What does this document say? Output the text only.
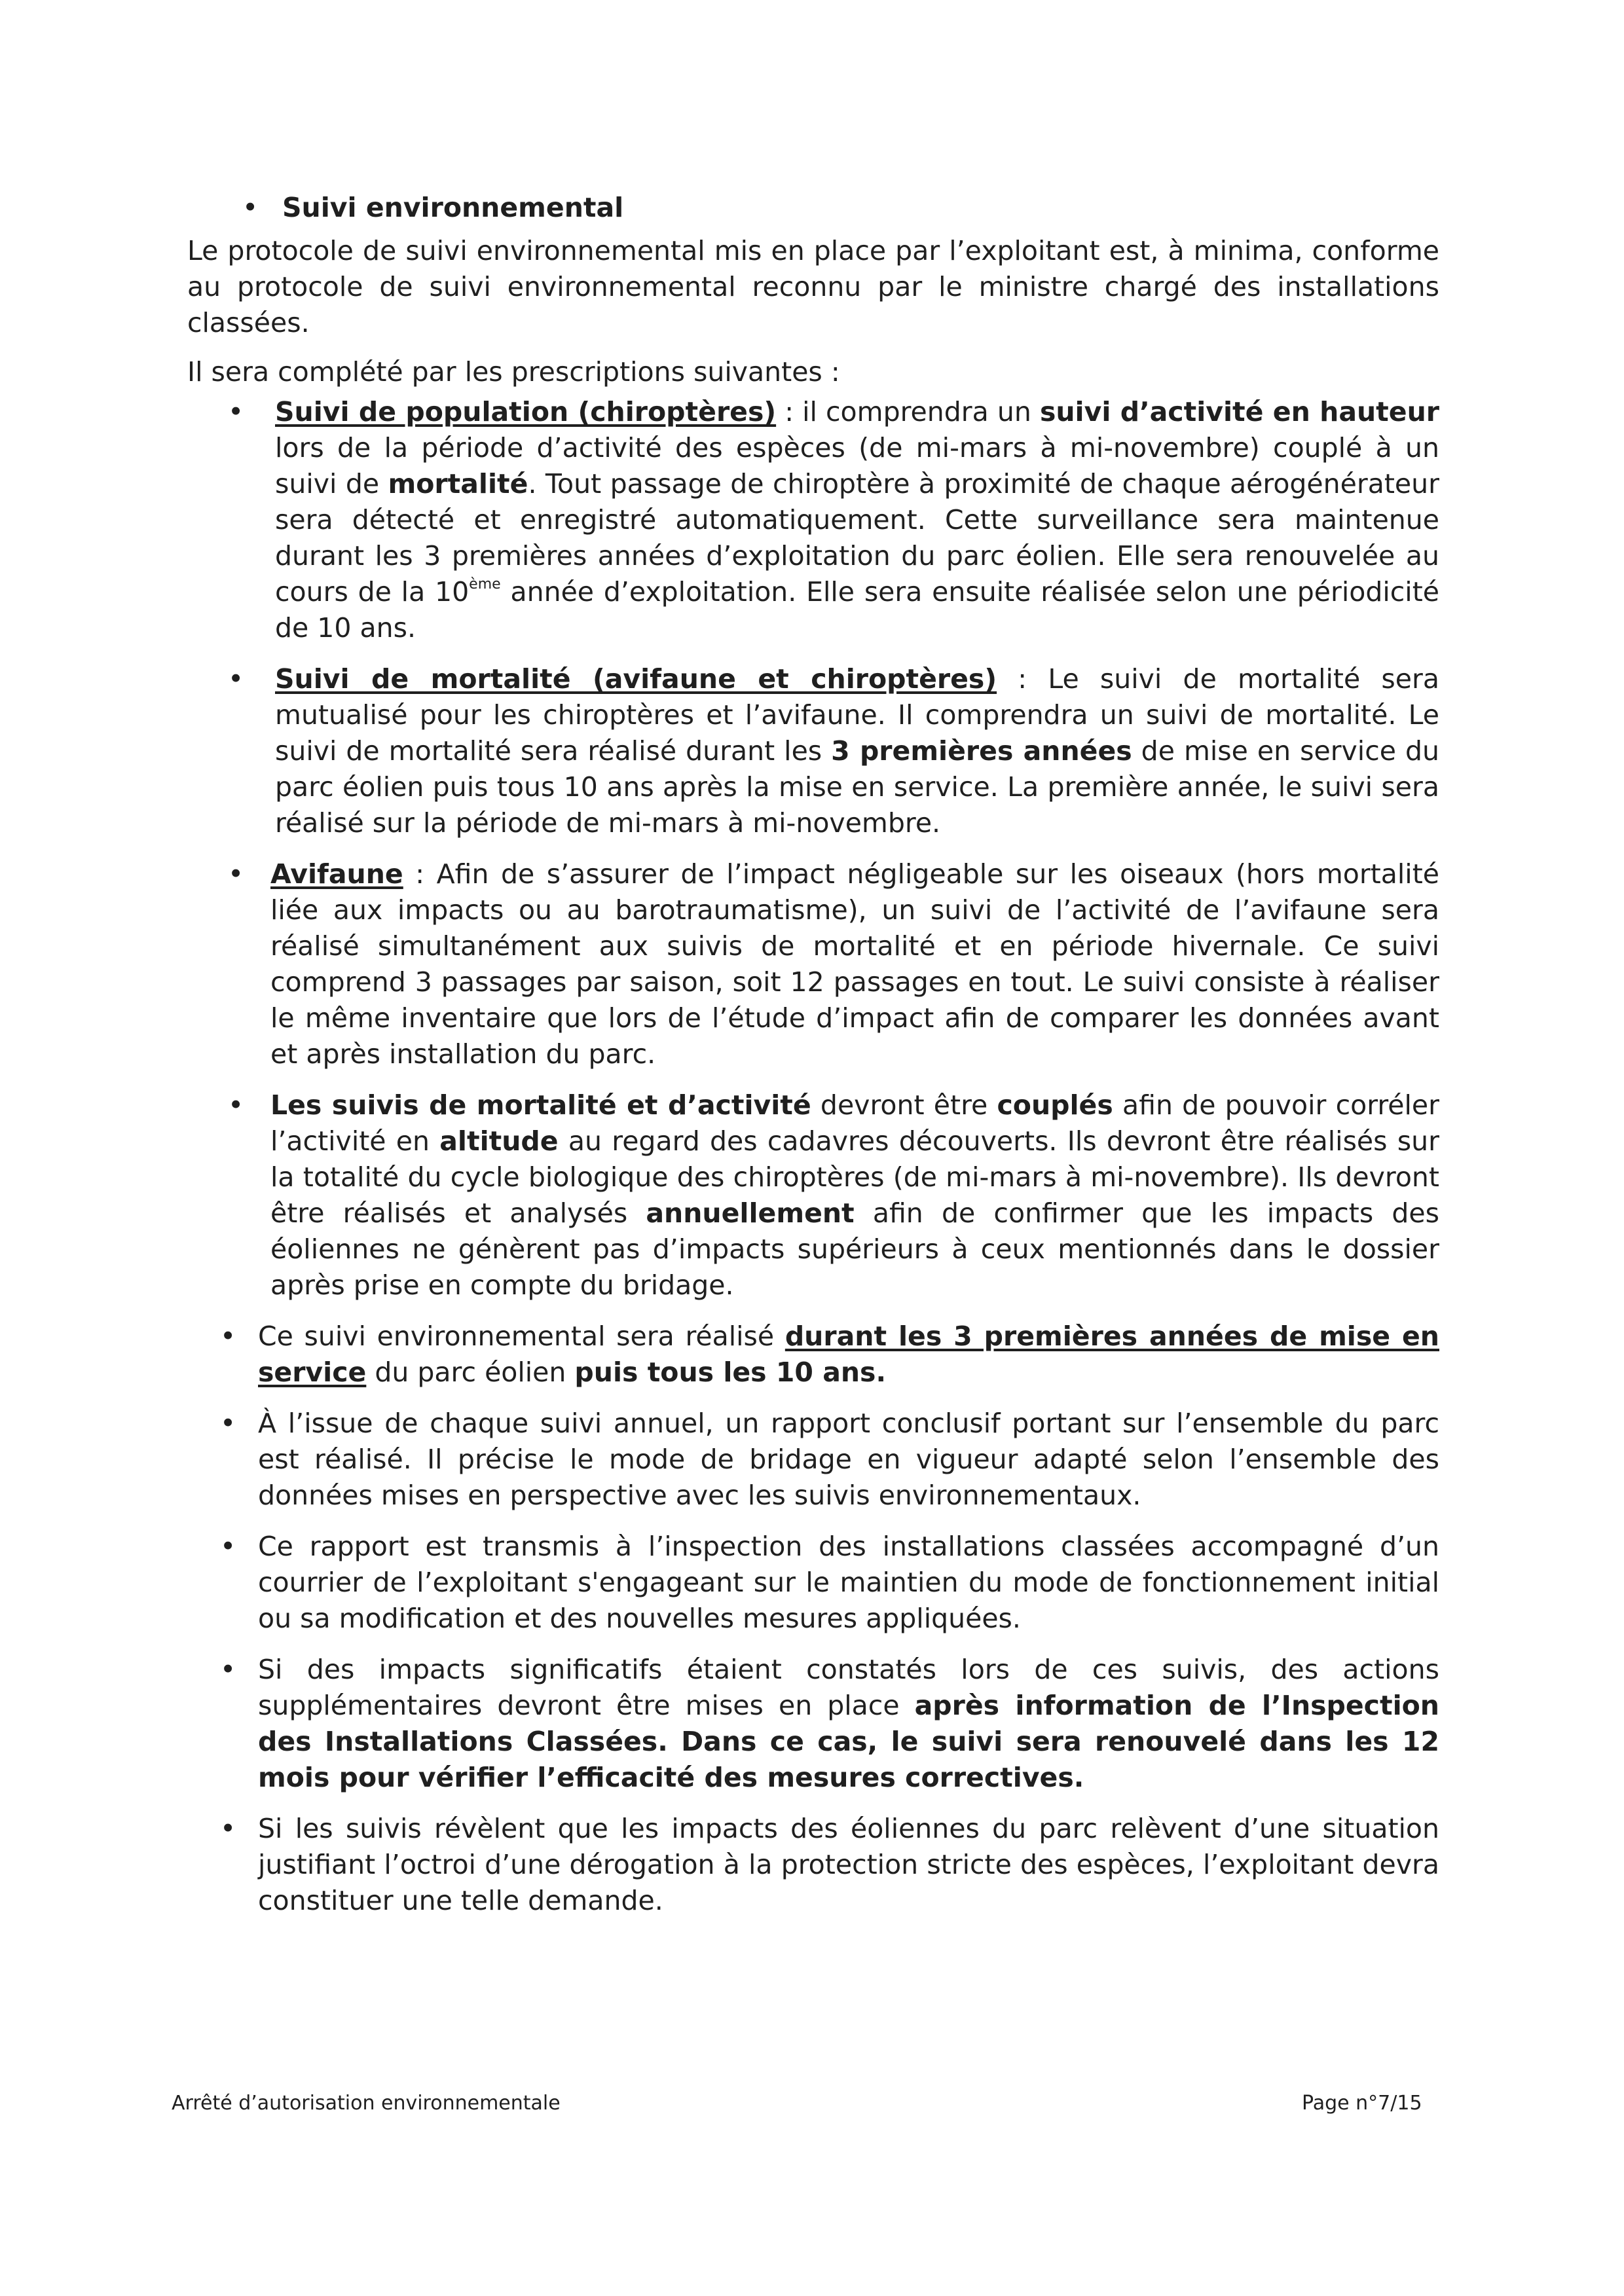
• Suivi environnemental

Le protocole de suivi environnemental mis en place par l’exploitant est, à minima, conforme au protocole de suivi environnemental reconnu par le ministre chargé des installations classées.

Il sera complété par les prescriptions suivantes :

• Suivi de population (chiroptères) : il comprendra un suivi d’activité en hauteur lors de la période d’activité des espèces (de mi-mars à mi-novembre) couplé à un suivi de mortalité. Tout passage de chiroptère à proximité de chaque aérogénérateur sera détecté et enregistré automatiquement. Cette surveillance sera maintenue durant les 3 premières années d’exploitation du parc éolien. Elle sera renouvelée au cours de la 10ème année d’exploitation. Elle sera ensuite réalisée selon une périodicité de 10 ans.
• Suivi de mortalité (avifaune et chiroptères) : Le suivi de mortalité sera mutualisé pour les chiroptères et l’avifaune. Il comprendra un suivi de mortalité. Le suivi de mortalité sera réalisé durant les 3 premières années de mise en service du parc éolien puis tous 10 ans après la mise en service. La première année, le suivi sera réalisé sur la période de mi-mars à mi-novembre.
• Avifaune : Afin de s’assurer de l’impact négligeable sur les oiseaux (hors mortalité liée aux impacts ou au barotraumatisme), un suivi de l’activité de l’avifaune sera réalisé simultanément aux suivis de mortalité et en période hivernale. Ce suivi comprend 3 passages par saison, soit 12 passages en tout. Le suivi consiste à réaliser le même inventaire que lors de l’étude d’impact afin de comparer les données avant et après installation du parc.
• Les suivis de mortalité et d’activité devront être couplés afin de pouvoir corréler l’activité en altitude au regard des cadavres découverts. Ils devront être réalisés sur la totalité du cycle biologique des chiroptères (de mi-mars à mi-novembre). Ils devront être réalisés et analysés annuellement afin de confirmer que les impacts des éoliennes ne génèrent pas d’impacts supérieurs à ceux mentionnés dans le dossier après prise en compte du bridage.
• Ce suivi environnemental sera réalisé durant les 3 premières années de mise en service du parc éolien puis tous les 10 ans.
• À l’issue de chaque suivi annuel, un rapport conclusif portant sur l’ensemble du parc est réalisé. Il précise le mode de bridage en vigueur adapté selon l’ensemble des données mises en perspective avec les suivis environnementaux.
• Ce rapport est transmis à l’inspection des installations classées accompagné d’un courrier de l’exploitant s'engageant sur le maintien du mode de fonctionnement initial ou sa modification et des nouvelles mesures appliquées.
• Si des impacts significatifs étaient constatés lors de ces suivis, des actions supplémentaires devront être mises en place après information de l’Inspection des Installations Classées. Dans ce cas, le suivi sera renouvelé dans les 12 mois pour vérifier l’efficacité des mesures correctives.
• Si les suivis révèlent que les impacts des éoliennes du parc relèvent d’une situation justifiant l’octroi d’une dérogation à la protection stricte des espèces, l’exploitant devra constituer une telle demande.
Arrêté d’autorisation environnementale	Page n°7/15
